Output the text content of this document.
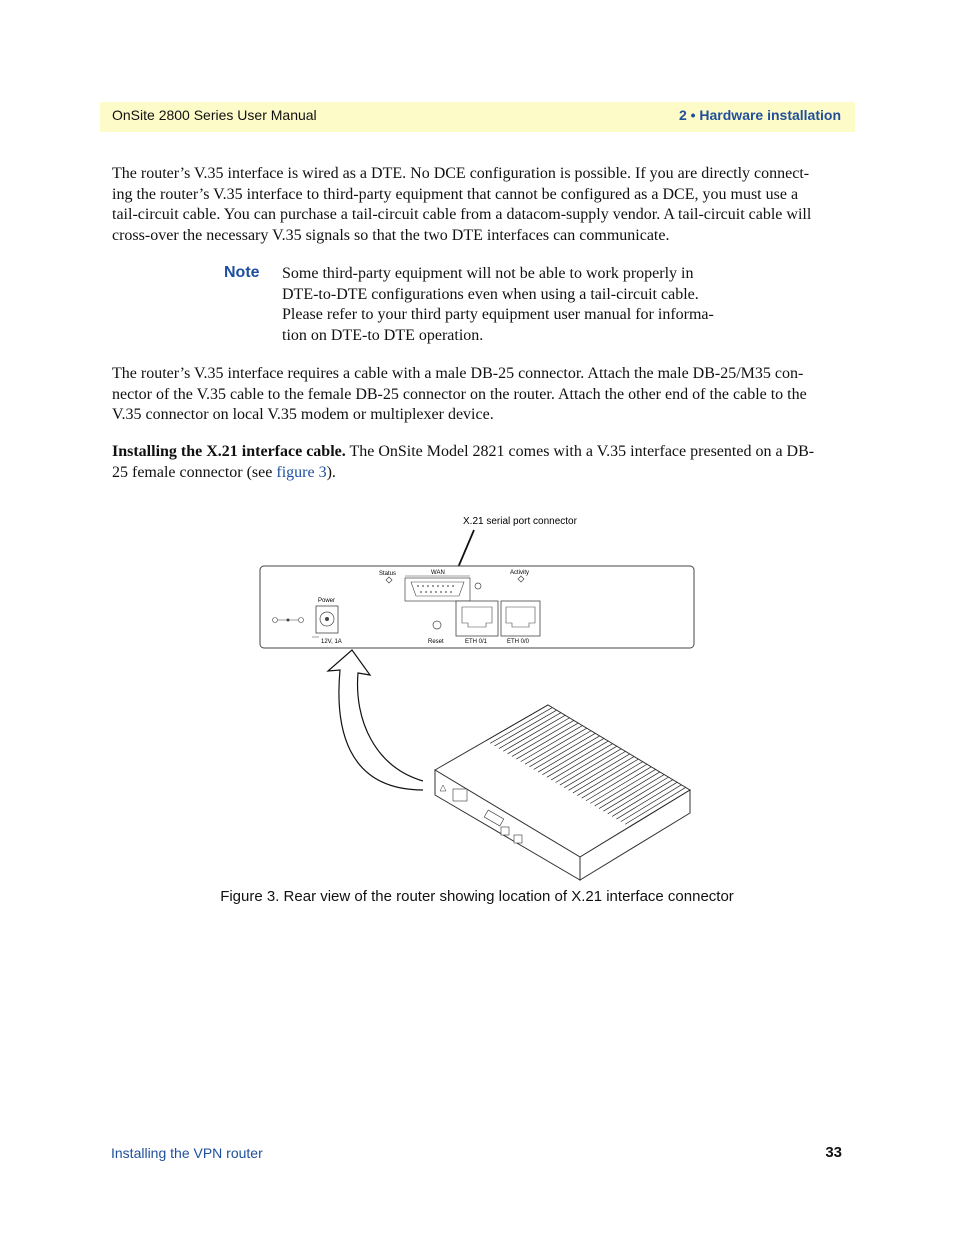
OnSite 2800 Series User Manual	2 • Hardware installation

The router’s V.35 interface is wired as a DTE. No DCE configuration is possible. If you are directly connect-
ing the router’s V.35 interface to third-party equipment that cannot be configured as a DCE, you must use a
tail-circuit cable. You can purchase a tail-circuit cable from a datacom-supply vendor. A tail-circuit cable will
cross-over the necessary V.35 signals so that the two DTE interfaces can communicate.

Note Some third-party equipment will not be able to work properly in
DTE-to-DTE configurations even when using a tail-circuit cable.
Please refer to your third party equipment user manual for informa-
tion on DTE-to DTE operation.

The router’s V.35 interface requires a cable with a male DB-25 connector. Attach the male DB-25/M35 con-
nector of the V.35 cable to the female DB-25 connector on the router. Attach the other end of the cable to the
V.35 connector on local V.35 modem or multiplexer device.

Installing the X.21 interface cable. The OnSite Model 2821 comes with a V.35 interface presented on a DB-
25 female connector (see figure 3).

X.21 serial port connector
Status	WAN	Activity
Power
12V, 1A	Reset	ETH 0/1	ETH 0/0
Figure 3. Rear view of the router showing location of X.21 interface connector
Installing the VPN router	33
